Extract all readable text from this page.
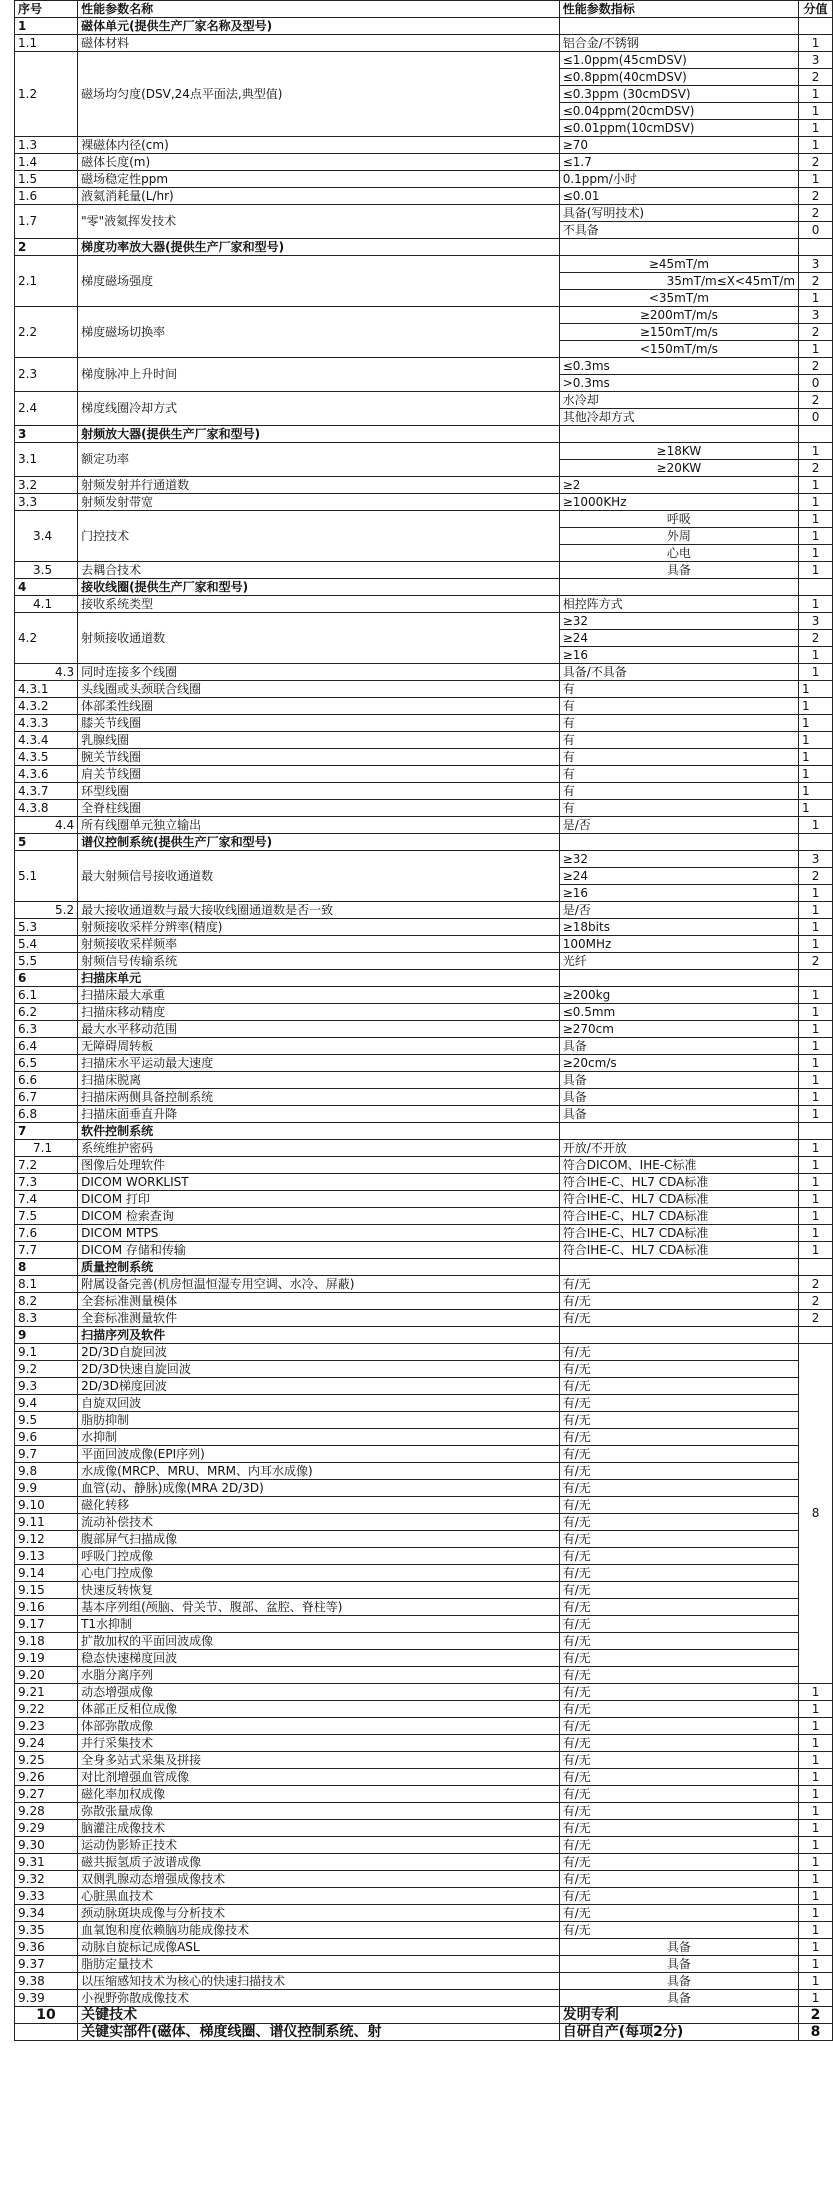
序号	性能参数名称	性能参数指标	分值
1	磁体单元(提供生产厂家名称及型号)		
1.1	磁体材料	铝合金/不锈钢	1
1.2	磁场均匀度(DSV,24点平面法,典型值)	≤1.0ppm(45cmDSV)	3
		≤0.8ppm(40cmDSV)	2
		≤0.3ppm (30cmDSV)	1
		≤0.04ppm(20cmDSV)	1
		≤0.01ppm(10cmDSV)	1
1.3	裸磁体内径(cm)	≥70	1
1.4	磁体长度(m)	≤1.7	2
1.5	磁场稳定性ppm	0.1ppm/小时	1
1.6	液氦消耗量(L/hr)	≤0.01	2
1.7	"零"液氦挥发技术	具备(写明技术)	2
		不具备	0
2	梯度功率放大器(提供生产厂家和型号)		
2.1	梯度磁场强度	≥45mT/m	3
		35mT/m≤X<45mT/m	2
		<35mT/m	1
2.2	梯度磁场切换率	≥200mT/m/s	3
		≥150mT/m/s	2
		<150mT/m/s	1
2.3	梯度脉冲上升时间	≤0.3ms	2
		>0.3ms	0
2.4	梯度线圈冷却方式	水冷却	2
		其他冷却方式	0
3	射频放大器(提供生产厂家和型号)		
3.1	额定功率	≥18KW	1
		≥20KW	2
3.2	射频发射并行通道数	≥2	1
3.3	射频发射带宽	≥1000KHz	1
3.4	门控技术	呼吸	1
		外周	1
		心电	1
3.5	去耦合技术	具备	1
4	接收线圈(提供生产厂家和型号)		
4.1	接收系统类型	相控阵方式	1
4.2	射频接收通道数	≥32	3
		≥24	2
		≥16	1
4.3	同时连接多个线圈	具备/不具备	1
4.3.1	头线圈或头颈联合线圈	有	1
4.3.2	体部柔性线圈	有	1
4.3.3	膝关节线圈	有	1
4.3.4	乳腺线圈	有	1
4.3.5	腕关节线圈	有	1
4.3.6	肩关节线圈	有	1
4.3.7	环型线圈	有	1
4.3.8	全脊柱线圈	有	1
4.4	所有线圈单元独立输出	是/否	1
5	谱仪控制系统(提供生产厂家和型号)		
5.1	最大射频信号接收通道数	≥32	3
		≥24	2
		≥16	1
5.2	最大接收通道数与最大接收线圈通道数是否一致	是/否	1
5.3	射频接收采样分辨率(精度)	≥18bits	1
5.4	射频接收采样频率	100MHz	1
5.5	射频信号传输系统	光纤	2
6	扫描床单元		
6.1	扫描床最大承重	≥200kg	1
6.2	扫描床移动精度	≤0.5mm	1
6.3	最大水平移动范围	≥270cm	1
6.4	无障碍周转板	具备	1
6.5	扫描床水平运动最大速度	≥20cm/s	1
6.6	扫描床脱离	具备	1
6.7	扫描床两侧具备控制系统	具备	1
6.8	扫描床面垂直升降	具备	1
7	软件控制系统		
7.1	系统维护密码	开放/不开放	1
7.2	图像后处理软件	符合DICOM、IHE-C标准	1
7.3	DICOM WORKLIST	符合IHE-C、HL7 CDA标准	1
7.4	DICOM 打印	符合IHE-C、HL7 CDA标准	1
7.5	DICOM 检索查询	符合IHE-C、HL7 CDA标准	1
7.6	DICOM MTPS	符合IHE-C、HL7 CDA标准	1
7.7	DICOM 存储和传输	符合IHE-C、HL7 CDA标准	1
8	质量控制系统		
8.1	附属设备完善(机房恒温恒湿专用空调、水冷、屏蔽)	有/无	2
8.2	全套标准测量模体	有/无	2
8.3	全套标准测量软件	有/无	2
9	扫描序列及软件		
9.1	2D/3D自旋回波	有/无	8
9.2	2D/3D快速自旋回波	有/无	
9.3	2D/3D梯度回波	有/无	
9.4	自旋双回波	有/无	
9.5	脂肪抑制	有/无	
9.6	水抑制	有/无	
9.7	平面回波成像(EPI序列)	有/无	
9.8	水成像(MRCP、MRU、MRM、内耳水成像)	有/无	
9.9	血管(动、静脉)成像(MRA 2D/3D)	有/无	
9.10	磁化转移	有/无	
9.11	流动补偿技术	有/无	
9.12	腹部屏气扫描成像	有/无	
9.13	呼吸门控成像	有/无	
9.14	心电门控成像	有/无	
9.15	快速反转恢复	有/无	
9.16	基本序列组(颅脑、骨关节、腹部、盆腔、脊柱等)	有/无	
9.17	T1水抑制	有/无	
9.18	扩散加权的平面回波成像	有/无	
9.19	稳态快速梯度回波	有/无	
9.20	水脂分离序列	有/无	
9.21	动态增强成像	有/无	1
9.22	体部正反相位成像	有/无	1
9.23	体部弥散成像	有/无	1
9.24	并行采集技术	有/无	1
9.25	全身多站式采集及拼接	有/无	1
9.26	对比剂增强血管成像	有/无	1
9.27	磁化率加权成像	有/无	1
9.28	弥散张量成像	有/无	1
9.29	脑灌注成像技术	有/无	1
9.30	运动伪影矫正技术	有/无	1
9.31	磁共振氢质子波谱成像	有/无	1
9.32	双侧乳腺动态增强成像技术	有/无	1
9.33	心脏黑血技术	有/无	1
9.34	颈动脉斑块成像与分析技术	有/无	1
9.35	血氧饱和度依赖脑功能成像技术	有/无	1
9.36	动脉自旋标记成像ASL	具备	1
9.37	脂肪定量技术	具备	1
9.38	以压缩感知技术为核心的快速扫描技术	具备	1
9.39	小视野弥散成像技术	具备	1
10	关键技术	发明专利	2
	关键实部件(磁体、梯度线圈、谱仪控制系统、射	自研自产(每项2分)	8
